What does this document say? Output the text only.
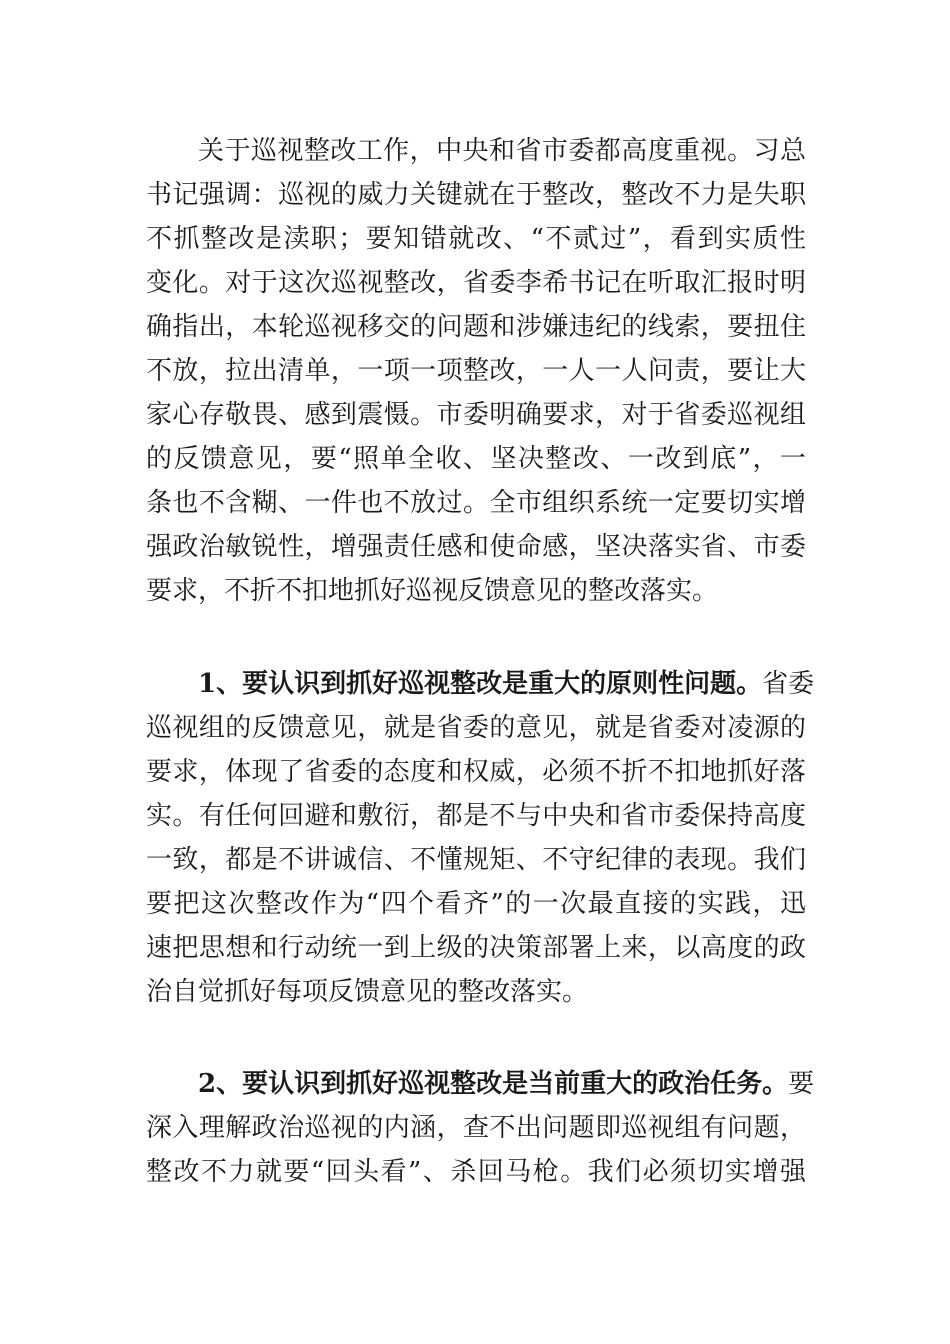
关于巡视整改工作，中央和省市委都高度重视。习总
书记强调：巡视的威力关键就在于整改，整改不力是失职
不抓整改是渎职；要知错就改、“不贰过”，看到实质性
变化。对于这次巡视整改，省委李希书记在听取汇报时明
确指出，本轮巡视移交的问题和涉嫌违纪的线索，要扭住
不放，拉出清单，一项一项整改，一人一人问责，要让大
家心存敬畏、感到震慑。市委明确要求，对于省委巡视组
的反馈意见，要“照单全收、坚决整改、一改到底”，一
条也不含糊、一件也不放过。全市组织系统一定要切实增
强政治敏锐性，增强责任感和使命感，坚决落实省、市委
要求，不折不扣地抓好巡视反馈意见的整改落实。
1、要认识到抓好巡视整改是重大的原则性问题。省委
巡视组的反馈意见，就是省委的意见，就是省委对凌源的
要求，体现了省委的态度和权威，必须不折不扣地抓好落
实。有任何回避和敷衍，都是不与中央和省市委保持高度
一致，都是不讲诚信、不懂规矩、不守纪律的表现。我们
要把这次整改作为“四个看齐”的一次最直接的实践，迅
速把思想和行动统一到上级的决策部署上来，以高度的政
治自觉抓好每项反馈意见的整改落实。
2、要认识到抓好巡视整改是当前重大的政治任务。要
深入理解政治巡视的内涵，查不出问题即巡视组有问题，
整改不力就要“回头看”、杀回马枪。我们必须切实增强
